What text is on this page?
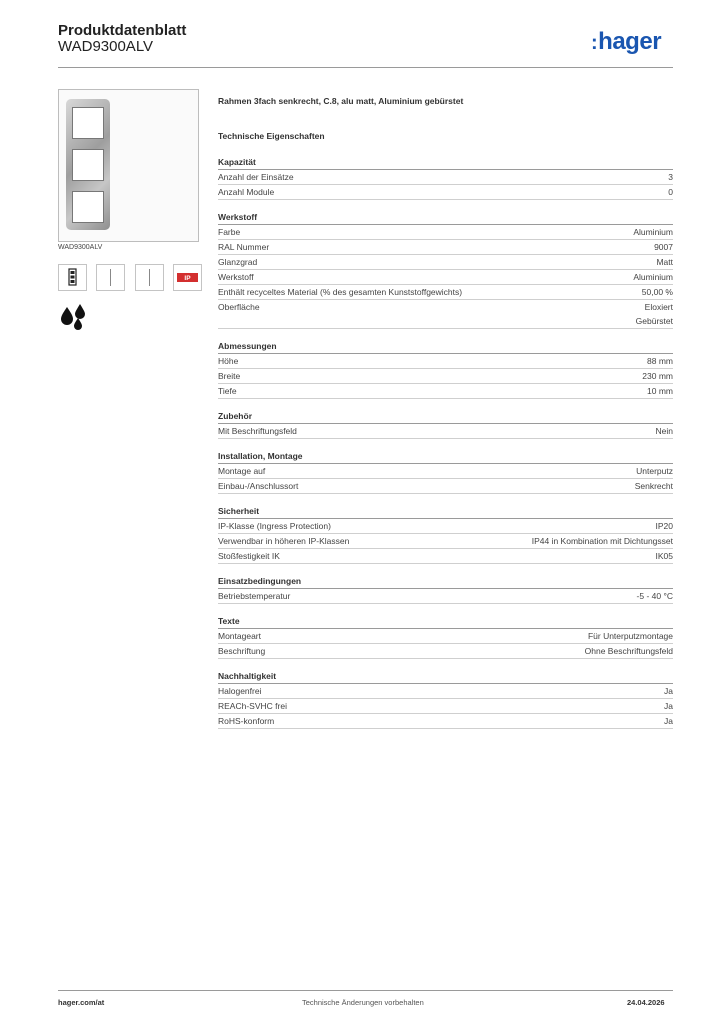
Produktdatenblatt
WAD9300ALV	:hager
WAD9300ALV
IP
Rahmen 3fach senkrecht, C.8, alu matt, Aluminium gebürstet
Technische Eigenschaften
Kapazität
Anzahl der Einsätze	3
Anzahl Module	0
Werkstoff
Farbe	Aluminium
RAL Nummer	9007
Glanzgrad	Matt
Werkstoff	Aluminium
Enthält recyceltes Material (% des gesamten Kunststoffgewichts)	50,00 %
Oberfläche	Eloxiert
Gebürstet
Abmessungen
Höhe	88 mm
Breite	230 mm
Tiefe	10 mm
Zubehör
Mit Beschriftungsfeld	Nein
Installation, Montage
Montage auf	Unterputz
Einbau-/Anschlussort	Senkrecht
Sicherheit
IP-Klasse (Ingress Protection)	IP20
Verwendbar in höheren IP-Klassen	IP44 in Kombination mit Dichtungsset
Stoßfestigkeit IK	IK05
Einsatzbedingungen
Betriebstemperatur	-5 - 40 °C
Texte
Montageart	Für Unterputzmontage
Beschriftung	Ohne Beschriftungsfeld
Nachhaltigkeit
Halogenfrei	Ja
REACh-SVHC frei	Ja
RoHS-konform	Ja
hager.com/at	Technische Änderungen vorbehalten	24.04.2026
